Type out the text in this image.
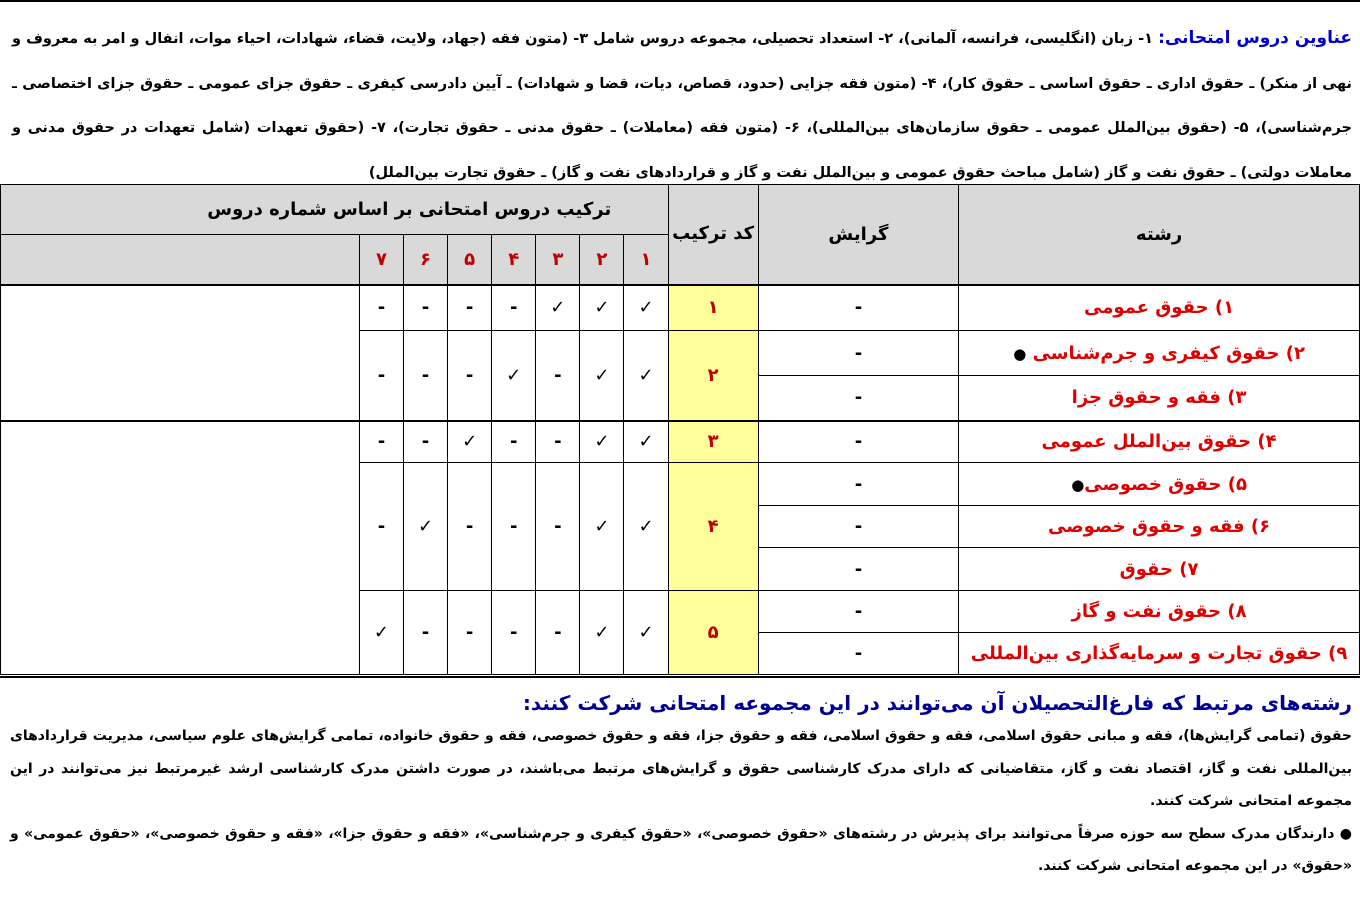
عناوین دروس امتحانی: ۱- زبان (انگلیسی، فرانسه، آلمانی)، ۲- استعداد تحصیلی، مجموعه دروس شامل ۳- (متون فقه (جهاد، ولایت، قضاء، شهادات، احیاء موات، انفال و امر به معروف و نهی از منکر) ـ حقوق اداری ـ حقوق اساسی ـ حقوق کار)، ۴- (متون فقه جزایی (حدود، قصاص، دیات، قضا و شهادات) ـ آیین دادرسی کیفری ـ حقوق جزای عمومی ـ حقوق جزای اختصاصی ـ جرم‌شناسی)، ۵- (حقوق بین‌الملل عمومی ـ حقوق سازمان‌های بین‌المللی)، ۶- (متون فقه (معاملات) ـ حقوق مدنی ـ حقوق تجارت)، ۷- (حقوق تعهدات (شامل تعهدات در حقوق مدنی و معاملات دولتی) ـ حقوق نفت و گاز (شامل مباحث حقوق عمومی و بین‌الملل نفت و گاز و قراردادهای نفت و گاز) ـ حقوق تجارت بین‌الملل)
رشته	گرایش	کد ترکیب	ترکیب دروس امتحانی بر اساس شماره دروس							
			۱	۲	۳	۴	۵	۶	۷	
۱) حقوق عمومی	-	۱	✓	✓	✓	-	-	-	-	
۲) حقوق کیفری و جرم‌شناسی ●	-	۲	✓	✓	-	✓	-	-	-	
۳) فقه و حقوق جزا	-									
۴) حقوق بین‌الملل عمومی	-	۳	✓	✓	-	-	✓	-	-	
۵) حقوق خصوصی●	-	۴	✓	✓	-	-	-	✓	-	
۶) فقه و حقوق خصوصی	-									
۷) حقوق	-									
۸) حقوق نفت و گاز	-	۵	✓	✓	-	-	-	-	✓	
۹) حقوق تجارت و سرمایه‌گذاری بین‌المللی	-									

رشته‌های مرتبط که فارغ‌التحصیلان آن می‌توانند در این مجموعه امتحانی شرکت کنند:

حقوق (تمامی گرایش‌ها)، فقه و مبانی حقوق اسلامی، فقه و حقوق اسلامی، فقه و حقوق جزا، فقه و حقوق خصوصی، فقه و حقوق خانواده، تمامی گرایش‌های علوم سیاسی، مدیریت قراردادهای بین‌المللی نفت و گاز، اقتصاد نفت و گاز، متقاضیانی که دارای مدرک کارشناسی حقوق و گرایش‌های مرتبط می‌باشند، در صورت داشتن مدرک کارشناسی ارشد غیرمرتبط نیز می‌توانند در این مجموعه امتحانی شرکت کنند.

● دارندگان مدرک سطح سه حوزه صرفاً می‌توانند برای پذیرش در رشته‌های «حقوق خصوصی»، «حقوق کیفری و جرم‌شناسی»، «فقه و حقوق جزا»، «فقه و حقوق خصوصی»، «حقوق عمومی» و «حقوق» در این مجموعه امتحانی شرکت کنند.
